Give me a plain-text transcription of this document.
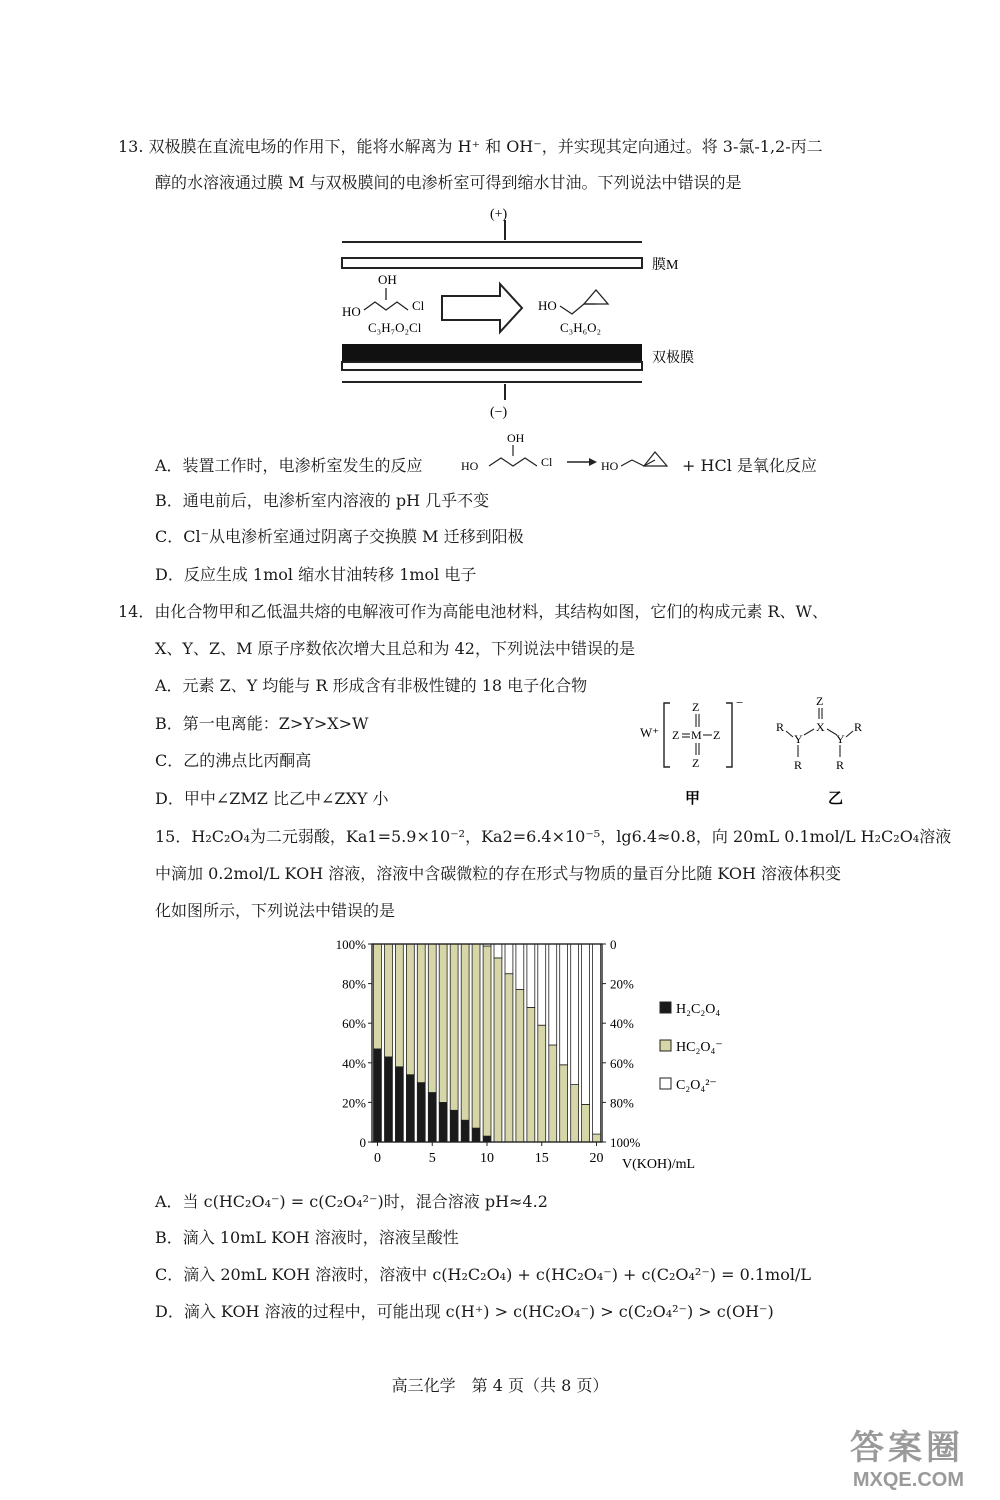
13. 双极膜在直流电场的作用下，能将水解离为 H⁺ 和 OH⁻，并实现其定向通过。将 3-氯-1,2-丙二
醇的水溶液通过膜 M 与双极膜间的电渗析室可得到缩水甘油。下列说法中错误的是
(+)
膜M
OH
HO	Cl
C₃H₇O₂Cl
HO
C₃H₆O₂
双极膜
(−)
A．装置工作时，电渗析室发生的反应
OH
HO	Cl	HO	+ HCl 是氧化反应
B．通电前后，电渗析室内溶液的 pH 几乎不变
C．Cl⁻从电渗析室通过阴离子交换膜 M 迁移到阳极
D．反应生成 1mol 缩水甘油转移 1mol 电子
14．由化合物甲和乙低温共熔的电解液可作为高能电池材料，其结构如图，它们的构成元素 R、W、
X、Y、Z、M 原子序数依次增大且总和为 42，下列说法中错误的是
A．元素 Z、Y 均能与 R 形成含有非极性键的 18 电子化合物
B．第一电离能：Z>Y>X>W
C．乙的沸点比丙酮高
D．甲中∠ZMZ 比乙中∠ZXY 小
W⁺
−
Z
Z M Z
Z
甲
Z
X
Y	Y
R	R
R	R
乙
15．H₂C₂O₄为二元弱酸，Ka1=5.9×10⁻²，Ka2=6.4×10⁻⁵，lg6.4≈0.8，向 20mL 0.1mol/L H₂C₂O₄溶液
中滴加 0.2mol/L KOH 溶液，溶液中含碳微粒的存在形式与物质的量百分比随 KOH 溶液体积变
化如图所示，下列说法中错误的是
100%
80%
60%
40%
20%
0
0
20%
40%
60%
80%
100%
0	5	10	15	20 V(KOH)/mL
H₂C₂O₄
HC₂O₄⁻
C₂O₄²⁻
A．当 c(HC₂O₄⁻) = c(C₂O₄²⁻)时，混合溶液 pH≈4.2
B．滴入 10mL KOH 溶液时，溶液呈酸性
C．滴入 20mL KOH 溶液时，溶液中 c(H₂C₂O₄) + c(HC₂O₄⁻) + c(C₂O₄²⁻) = 0.1mol/L
D．滴入 KOH 溶液的过程中，可能出现 c(H⁺) > c(HC₂O₄⁻) > c(C₂O₄²⁻) > c(OH⁻)
高三化学　第 4 页（共 8 页）
答案圈
MXQE.COM
